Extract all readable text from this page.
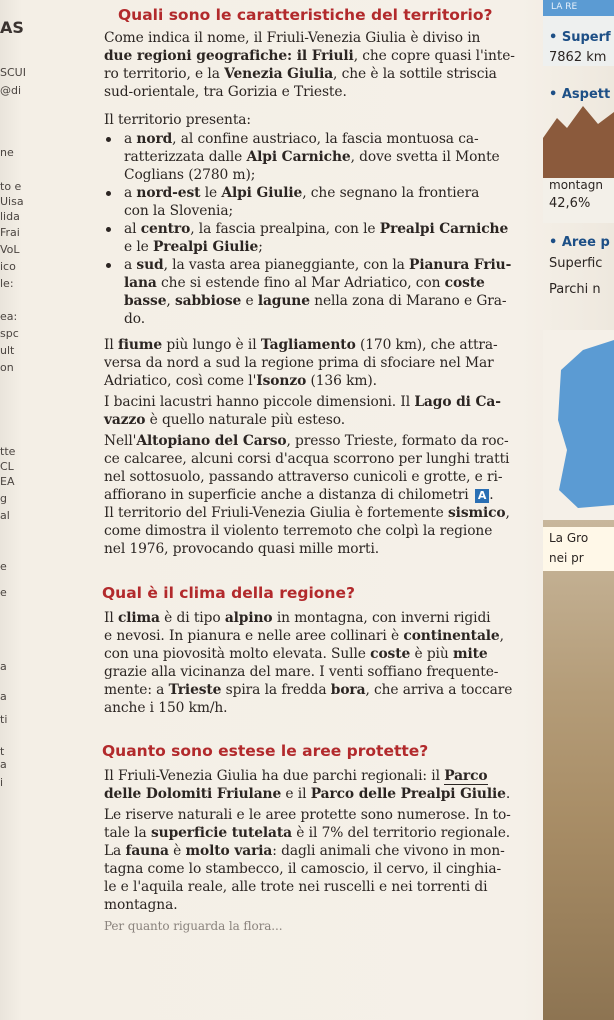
AS
SCUI
@di
ne
to e
Uisa
lida
Frai
VoL
ico
le:
ea:
spc
ult
on
tte
CL
EA
g
al
e
e
a
a
ti
t
a
i
Quali sono le caratteristiche del territorio?
Come indica il nome, il Friuli-Venezia Giulia è diviso in
due regioni geografiche: il Friuli, che copre quasi l'inte-
ro territorio, e la Venezia Giulia, che è la sottile striscia
sud-orientale, tra Gorizia e Trieste.
Il territorio presenta:
a nord, al confine austriaco, la fascia montuosa ca-
ratterizzata dalle Alpi Carniche, dove svetta il Monte
Coglians (2780 m);
a nord-est le Alpi Giulie, che segnano la frontiera
con la Slovenia;
al centro, la fascia prealpina, con le Prealpi Carniche
e le Prealpi Giulie;
a sud, la vasta area pianeggiante, con la Pianura Friu-
lana che si estende fino al Mar Adriatico, con coste
basse, sabbiose e lagune nella zona di Marano e Gra-
do.
Il fiume più lungo è il Tagliamento (170 km), che attra-
versa da nord a sud la regione prima di sfociare nel Mar
Adriatico, così come l'Isonzo (136 km).
I bacini lacustri hanno piccole dimensioni. Il Lago di Ca-
vazzo è quello naturale più esteso.
Nell'Altopiano del Carso, presso Trieste, formato da roc-
ce calcaree, alcuni corsi d'acqua scorrono per lunghi tratti
nel sottosuolo, passando attraverso cunicoli e grotte, e ri-
affiorano in superficie anche a distanza di chilometri A .
Il territorio del Friuli-Venezia Giulia è fortemente sismico,
come dimostra il violento terremoto che colpì la regione
nel 1976, provocando quasi mille morti.
Qual è il clima della regione?
Il clima è di tipo alpino in montagna, con inverni rigidi
e nevosi. In pianura e nelle aree collinari è continentale,
con una piovosità molto elevata. Sulle coste è più mite
grazie alla vicinanza del mare. I venti soffiano frequente-
mente: a Trieste spira la fredda bora, che arriva a toccare
anche i 150 km/h.
Quanto sono estese le aree protette?
Il Friuli-Venezia Giulia ha due parchi regionali: il Parco
delle Dolomiti Friulane e il Parco delle Prealpi Giulie.
Le riserve naturali e le aree protette sono numerose. In to-
tale la superficie tutelata è il 7% del territorio regionale.
La fauna è molto varia: dagli animali che vivono in mon-
tagna come lo stambecco, il camoscio, il cervo, il cinghia-
le e l'aquila reale, alle trote nei ruscelli e nei torrenti di
montagna.
Per quanto riguarda la flora...
LA RE
• Superf
7862 km
• Aspett
montagn
42,6%
• Aree p
Superfic
Parchi n
La Gro
nei pr
